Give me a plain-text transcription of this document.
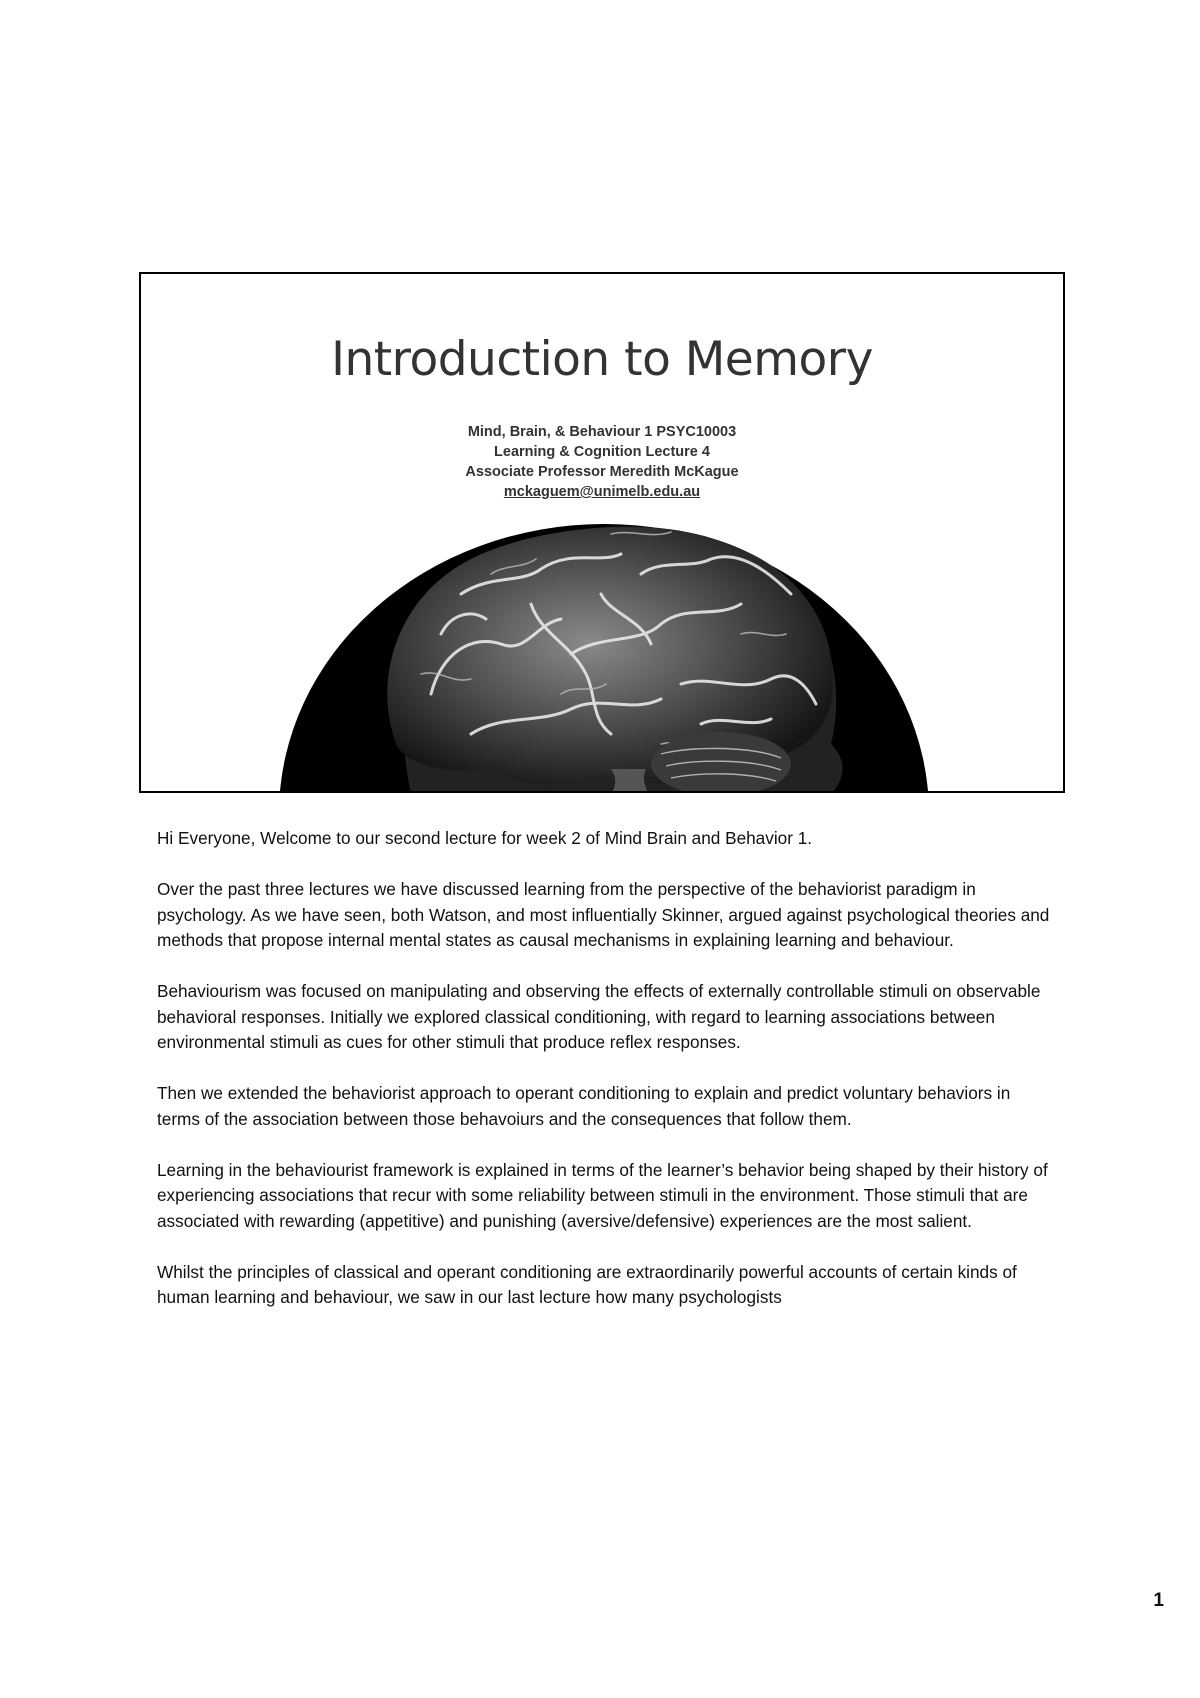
Introduction to Memory
Mind, Brain, & Behaviour 1 PSYC10003
Learning & Cognition Lecture 4
Associate Professor Meredith McKague
mckaguem@unimelb.edu.au

Hi Everyone, Welcome to our second lecture for week 2 of Mind Brain and Behavior 1.

Over the past three lectures we have discussed learning from the perspective of the behaviorist paradigm in psychology. As we have seen, both Watson, and most influentially Skinner, argued against psychological theories and methods that propose internal mental states as causal mechanisms in explaining learning and behaviour.

Behaviourism was focused on manipulating and observing the effects of externally controllable stimuli on observable behavioral responses. Initially we explored classical conditioning, with regard to learning associations between environmental stimuli as cues for other stimuli that produce reflex responses.

Then we extended the behaviorist approach to operant conditioning to explain and predict voluntary behaviors in terms of the association between those behavoiurs and the consequences that follow them.

Learning in the behaviourist framework is explained in terms of the learner’s behavior being shaped by their history of experiencing associations that recur with some reliability between stimuli in the environment. Those stimuli that are associated with rewarding (appetitive) and punishing (aversive/defensive) experiences are the most salient.

Whilst the principles of classical and operant conditioning are extraordinarily powerful accounts of certain kinds of human learning and behaviour, we saw in our last lecture how many psychologists

1
